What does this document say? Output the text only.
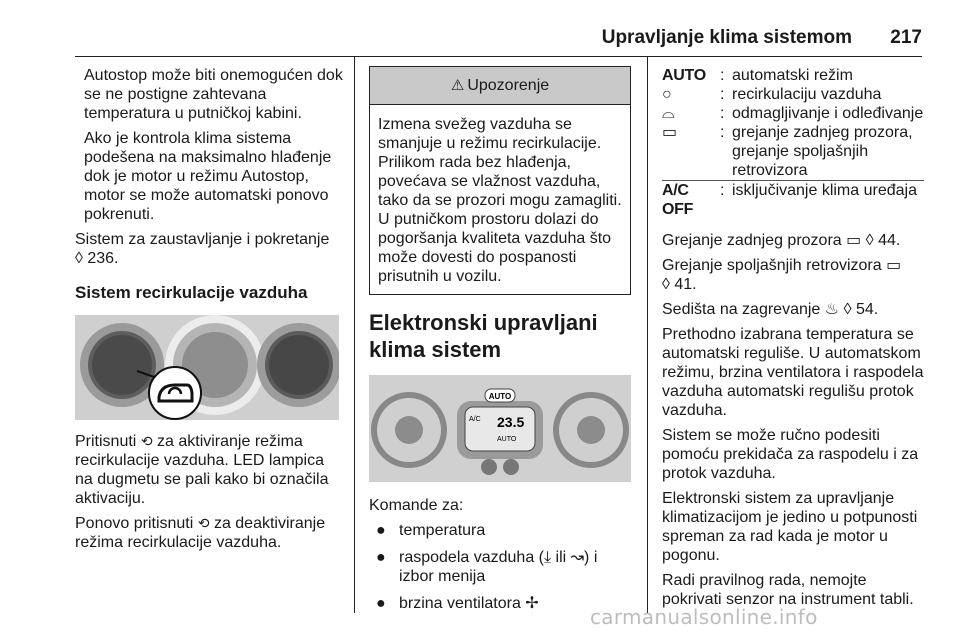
Upravljanje klima sistemom 217

Autostop može biti onemogućen dok se ne postigne zahtevana temperatura u putničkoj kabini.

Ako je kontrola klima sistema podešena na maksimalno hlađenje dok je motor u režimu Autostop, motor se može automatski ponovo pokrenuti.

Sistem za zaustavljanje i pokretanje
◊ 236.

Sistem recirkulacije vazduha

Pritisnuti ⟲ za aktiviranje režima recirkulacije vazduha. LED lampica na dugmetu se pali kako bi označila aktivaciju.

Ponovo pritisnuti ⟲ za deaktiviranje režima recirkulacije vazduha.

⚠ Upozorenje
Izmena svežeg vazduha se smanjuje u režimu recirkulacije. Prilikom rada bez hlađenja, povećava se vlažnost vazduha, tako da se prozori mogu zamagliti. U putničkom prostoru dolazi do pogoršanja kvaliteta vazduha što može dovesti do pospanosti prisutnih u vozilu.
Elektronski upravljani klima sistem
AUTO
A/C 23.5
AUTO

Komande za:

● temperatura
● raspodela vazduha (⤓ ili ↝) i izbor menija
● brzina ventilatora ✢
AUTO : automatski režim
○	: recirkulaciju vazduha
⌓	: odmagljivanje i odleđivanje
▭	: grejanje zadnjeg prozora, grejanje spoljašnjih retrovizora
A/C OFF
: isključivanje klima uređaja

Grejanje zadnjeg prozora ▭ ◊ 44.

Grejanje spoljašnjih retrovizora ▭
◊ 41.

Sedišta na zagrevanje ♨ ◊ 54.

Prethodno izabrana temperatura se automatski reguliše. U automatskom režimu, brzina ventilatora i raspodela vazduha automatski regulišu protok vazduha.

Sistem se može ručno podesiti pomoću prekidača za raspodelu i za protok vazduha.

Elektronski sistem za upravljanje klimatizacijom je jedino u potpunosti spreman za rad kada je motor u pogonu.

Radi pravilnog rada, nemojte pokrivati senzor na instrument tabli.

carmanualsonline.info
